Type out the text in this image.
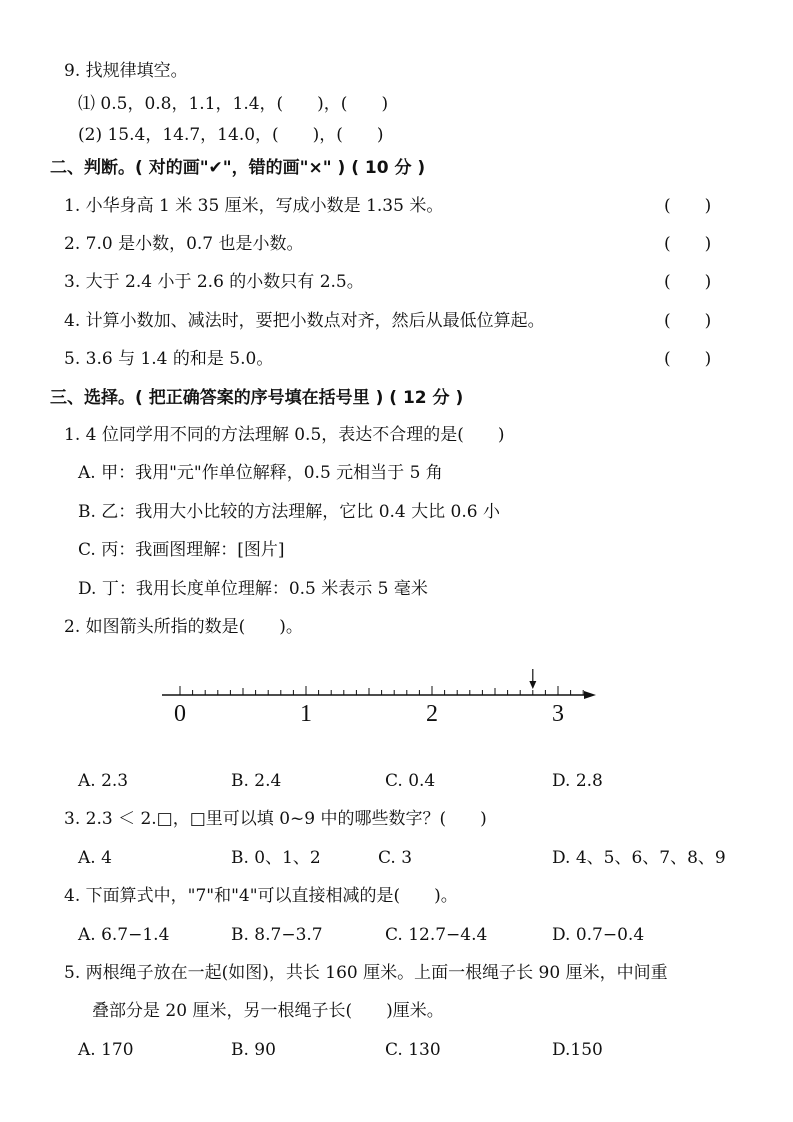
9. 找规律填空。
⑴ 0.5，0.8，1.1，1.4，(　　)，(　　)
(2) 15.4，14.7，14.0，(　　)，(　　)
二、判断。( 对的画"✔"，错的画"×" ) ( 10 分 )
1. 小华身高 1 米 35 厘米，写成小数是 1.35 米。	(　　)
2. 7.0 是小数，0.7 也是小数。	(　　)
3. 大于 2.4 小于 2.6 的小数只有 2.5。	(　　)
4. 计算小数加、减法时，要把小数点对齐，然后从最低位算起。	(　　)
5. 3.6 与 1.4 的和是 5.0。	(　　)
三、选择。( 把正确答案的序号填在括号里 ) ( 12 分 )
1. 4 位同学用不同的方法理解 0.5，表达不合理的是(　　)
A. 甲：我用"元"作单位解释，0.5 元相当于 5 角
B. 乙：我用大小比较的方法理解，它比 0.4 大比 0.6 小
C. 丙：我画图理解：[图片]
D. 丁：我用长度单位理解：0.5 米表示 5 毫米
2. 如图箭头所指的数是(　　)。
0	1	2	3
A. 2.3	B. 2.4	C. 0.4	D. 2.8
3. 2.3 ＜ 2.□，□里可以填 0~9 中的哪些数字？(　　)
A. 4	B. 0、1、2	C. 3	D. 4、5、6、7、8、9
4. 下面算式中，"7"和"4"可以直接相减的是(　　)。
A. 6.7−1.4	B. 8.7−3.7	C. 12.7−4.4	D. 0.7−0.4
5. 两根绳子放在一起(如图)，共长 160 厘米。上面一根绳子长 90 厘米，中间重
叠部分是 20 厘米，另一根绳子长(　　)厘米。
A. 170	B. 90	C. 130	D.150
